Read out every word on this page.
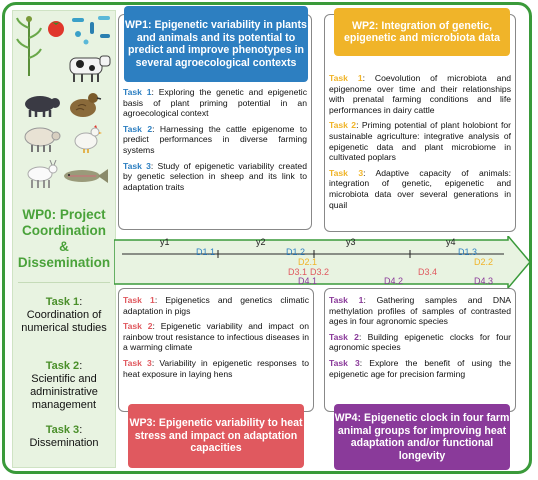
WP0: Project
Coordination
&
Dissemination
Task 1:
Coordination of numerical studies
Task 2:
Scientific and administrative management
Task 3:
Dissemination

Task 1: Exploring the genetic and epigenetic basis of plant priming potential in an agroecological context

Task 2: Harnessing the cattle epigenome to predict performances in diverse farming systems

Task 3: Study of epigenetic variability created by genetic selection in sheep and its link to adaptation traits

WP1: Epigenetic variability in plants and animals and its potential to predict and improve phenotypes in several agroecological contexts

Task 1: Coevolution of microbiota and epigenome over time and their relationships with prenatal farming conditions and life performances in dairy cattle

Task 2: Priming potential of plant holobiont for sustainable agriculture: integrative analysis of epigenetic data and plant microbiome in cultivated poplars

Task 3: Adaptive capacity of animals: integration of genetic, epigenetic and microbiota data over several generations in quail

WP2: Integration of genetic, epigenetic and microbiota data
y1	y2	y3	y4
D1.1	D1.2
D2.1
D3.1 D3.2
D4.1	D4.2
D3.4
D1.3
D2.2
D4.3

Task 1: Epigenetics and genetics climatic adaptation in pigs

Task 2: Epigenetic variability and impact on rainbow trout resistance to infectious diseases in a warming climate

Task 3: Variability in epigenetic responses to heat exposure in laying hens

WP3: Epigenetic variability to heat stress and impact on adaptation capacities

Task 1: Gathering samples and DNA methylation profiles of samples of contrasted ages in four agronomic species

Task 2: Building epigenetic clocks for four agronomic species

Task 3: Explore the benefit of using the epigenetic age for precision farming

WP4: Epigenetic clock in four farm animal groups for improving heat adaptation and/or functional longevity
